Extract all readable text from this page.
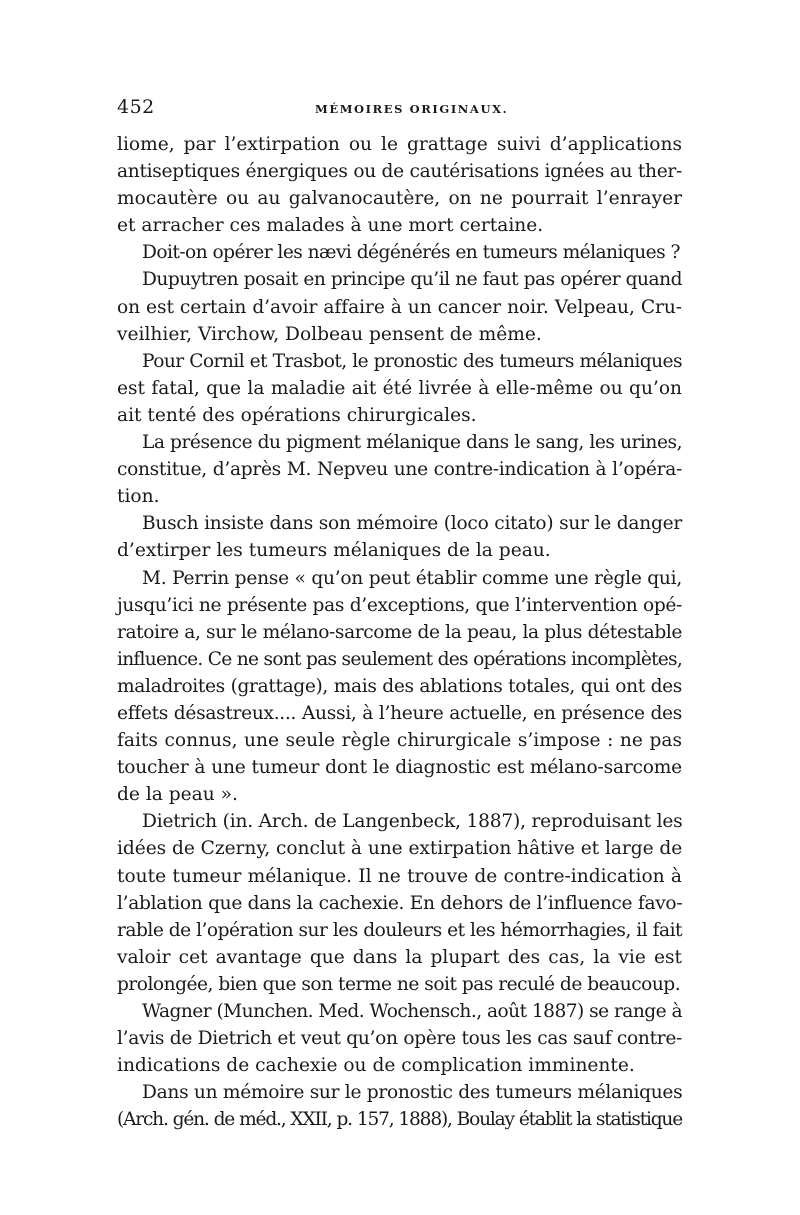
452	MÉMOIRES ORIGINAUX.
liome, par l’extirpation ou le grattage suivi d’applications
antiseptiques énergiques ou de cautérisations ignées au ther-
mocautère ou au galvanocautère, on ne pourrait l’enrayer
et arracher ces malades à une mort certaine.
Doit-on opérer les nævi dégénérés en tumeurs mélaniques ?
Dupuytren posait en principe qu’il ne faut pas opérer quand
on est certain d’avoir affaire à un cancer noir. Velpeau, Cru-
veilhier, Virchow, Dolbeau pensent de même.
Pour Cornil et Trasbot, le pronostic des tumeurs mélaniques
est fatal, que la maladie ait été livrée à elle-même ou qu’on
ait tenté des opérations chirurgicales.
La présence du pigment mélanique dans le sang, les urines,
constitue, d’après M. Nepveu une contre-indication à l’opéra-
tion.
Busch insiste dans son mémoire (loco citato) sur le danger
d’extirper les tumeurs mélaniques de la peau.
M. Perrin pense « qu’on peut établir comme une règle qui,
jusqu’ici ne présente pas d’exceptions, que l’intervention opé-
ratoire a, sur le mélano-sarcome de la peau, la plus détestable
influence. Ce ne sont pas seulement des opérations incomplètes,
maladroites (grattage), mais des ablations totales, qui ont des
effets désastreux.... Aussi, à l’heure actuelle, en présence des
faits connus, une seule règle chirurgicale s’impose : ne pas
toucher à une tumeur dont le diagnostic est mélano-sarcome
de la peau ».
Dietrich (in. Arch. de Langenbeck, 1887), reproduisant les
idées de Czerny, conclut à une extirpation hâtive et large de
toute tumeur mélanique. Il ne trouve de contre-indication à
l’ablation que dans la cachexie. En dehors de l’influence favo-
rable de l’opération sur les douleurs et les hémorrhagies, il fait
valoir cet avantage que dans la plupart des cas, la vie est
prolongée, bien que son terme ne soit pas reculé de beaucoup.
Wagner (Munchen. Med. Wochensch., août 1887) se range à
l’avis de Dietrich et veut qu’on opère tous les cas sauf contre-
indications de cachexie ou de complication imminente.
Dans un mémoire sur le pronostic des tumeurs mélaniques
(Arch. gén. de méd., XXII, p. 157, 1888), Boulay établit la statistique
